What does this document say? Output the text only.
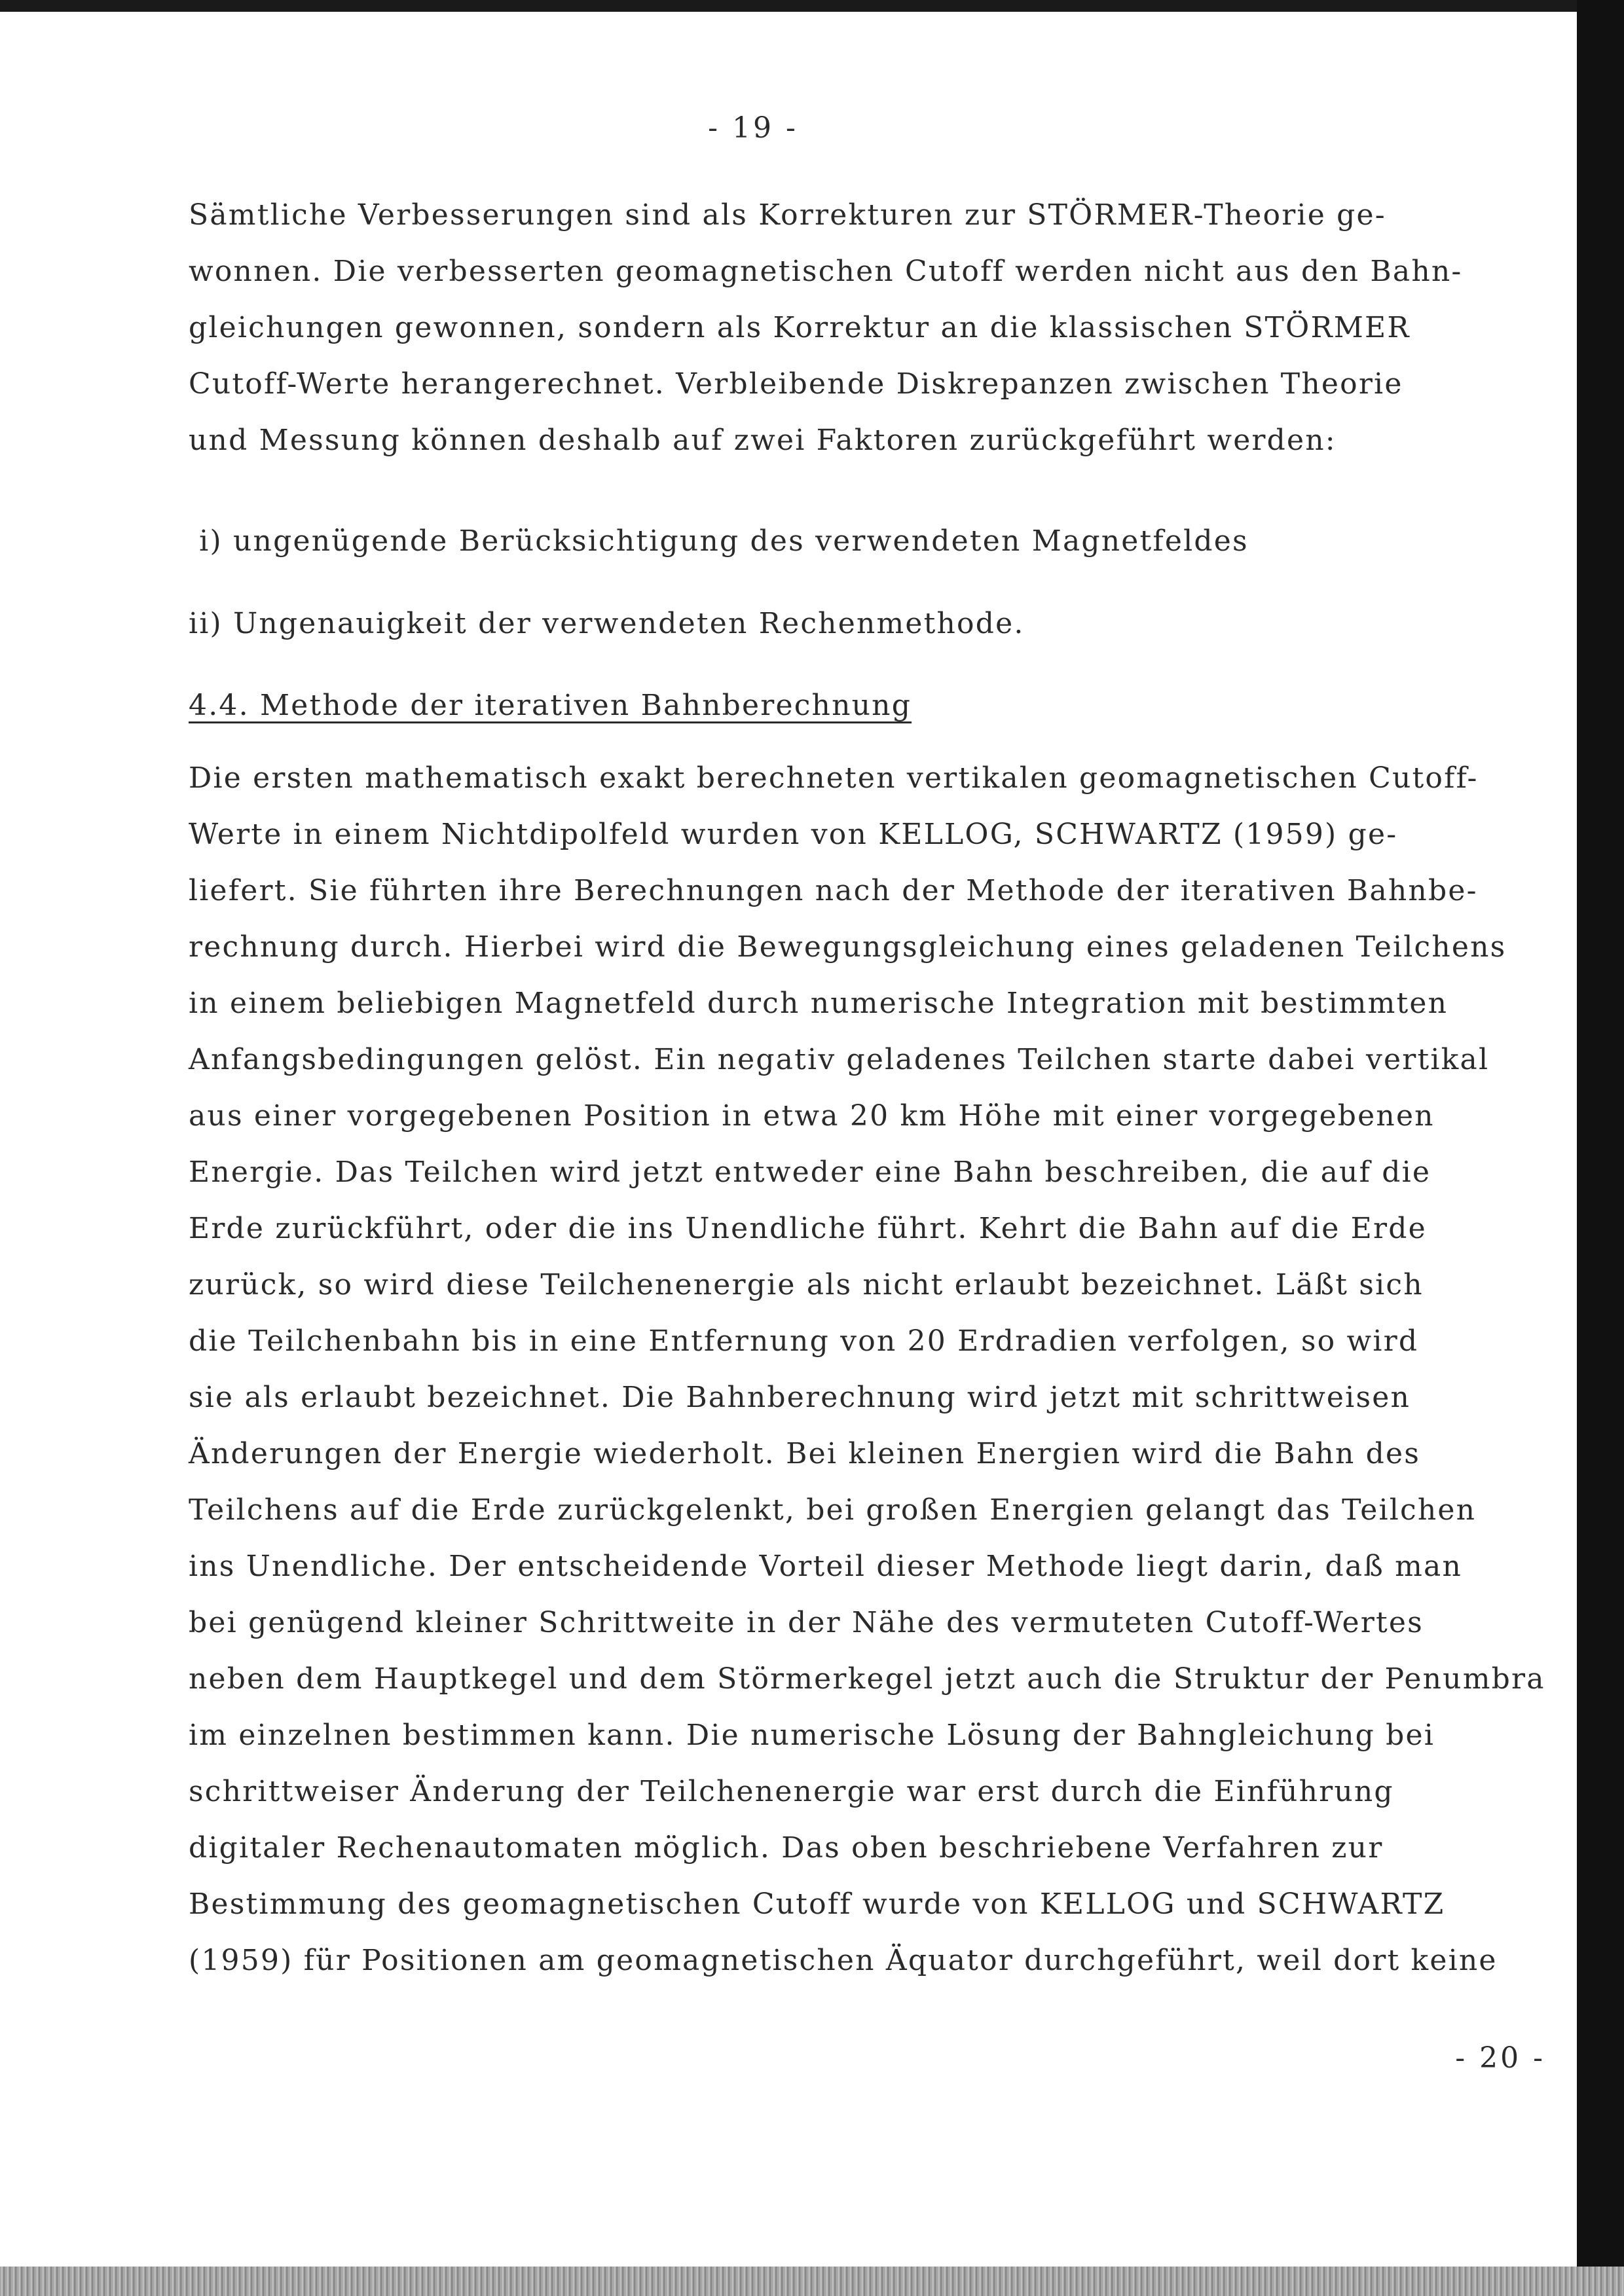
- 19 -
Sämtliche Verbesserungen sind als Korrekturen zur STÖRMER-Theorie ge-
wonnen. Die verbesserten geomagnetischen Cutoff werden nicht aus den Bahn-
gleichungen gewonnen, sondern als Korrektur an die klassischen STÖRMER
Cutoff-Werte herangerechnet. Verbleibende Diskrepanzen zwischen Theorie
und Messung können deshalb auf zwei Faktoren zurückgeführt werden:

i) ungenügende Berücksichtigung des verwendeten Magnetfeldes

ii) Ungenauigkeit der verwendeten Rechenmethode.

4.4. Methode der iterativen Bahnberechnung
Die ersten mathematisch exakt berechneten vertikalen geomagnetischen Cutoff-
Werte in einem Nichtdipolfeld wurden von KELLOG, SCHWARTZ (1959) ge-
liefert. Sie führten ihre Berechnungen nach der Methode der iterativen Bahnbe-
rechnung durch. Hierbei wird die Bewegungsgleichung eines geladenen Teilchens
in einem beliebigen Magnetfeld durch numerische Integration mit bestimmten
Anfangsbedingungen gelöst. Ein negativ geladenes Teilchen starte dabei vertikal
aus einer vorgegebenen Position in etwa 20 km Höhe mit einer vorgegebenen
Energie. Das Teilchen wird jetzt entweder eine Bahn beschreiben, die auf die
Erde zurückführt, oder die ins Unendliche führt. Kehrt die Bahn auf die Erde
zurück, so wird diese Teilchenenergie als nicht erlaubt bezeichnet. Läßt sich
die Teilchenbahn bis in eine Entfernung von 20 Erdradien verfolgen, so wird
sie als erlaubt bezeichnet. Die Bahnberechnung wird jetzt mit schrittweisen
Änderungen der Energie wiederholt. Bei kleinen Energien wird die Bahn des
Teilchens auf die Erde zurückgelenkt, bei großen Energien gelangt das Teilchen
ins Unendliche. Der entscheidende Vorteil dieser Methode liegt darin, daß man
bei genügend kleiner Schrittweite in der Nähe des vermuteten Cutoff-Wertes
neben dem Hauptkegel und dem Störmerkegel jetzt auch die Struktur der Penumbra
im einzelnen bestimmen kann. Die numerische Lösung der Bahngleichung bei
schrittweiser Änderung der Teilchenenergie war erst durch die Einführung
digitaler Rechenautomaten möglich. Das oben beschriebene Verfahren zur
Bestimmung des geomagnetischen Cutoff wurde von KELLOG und SCHWARTZ
(1959) für Positionen am geomagnetischen Äquator durchgeführt, weil dort keine
- 20 -
